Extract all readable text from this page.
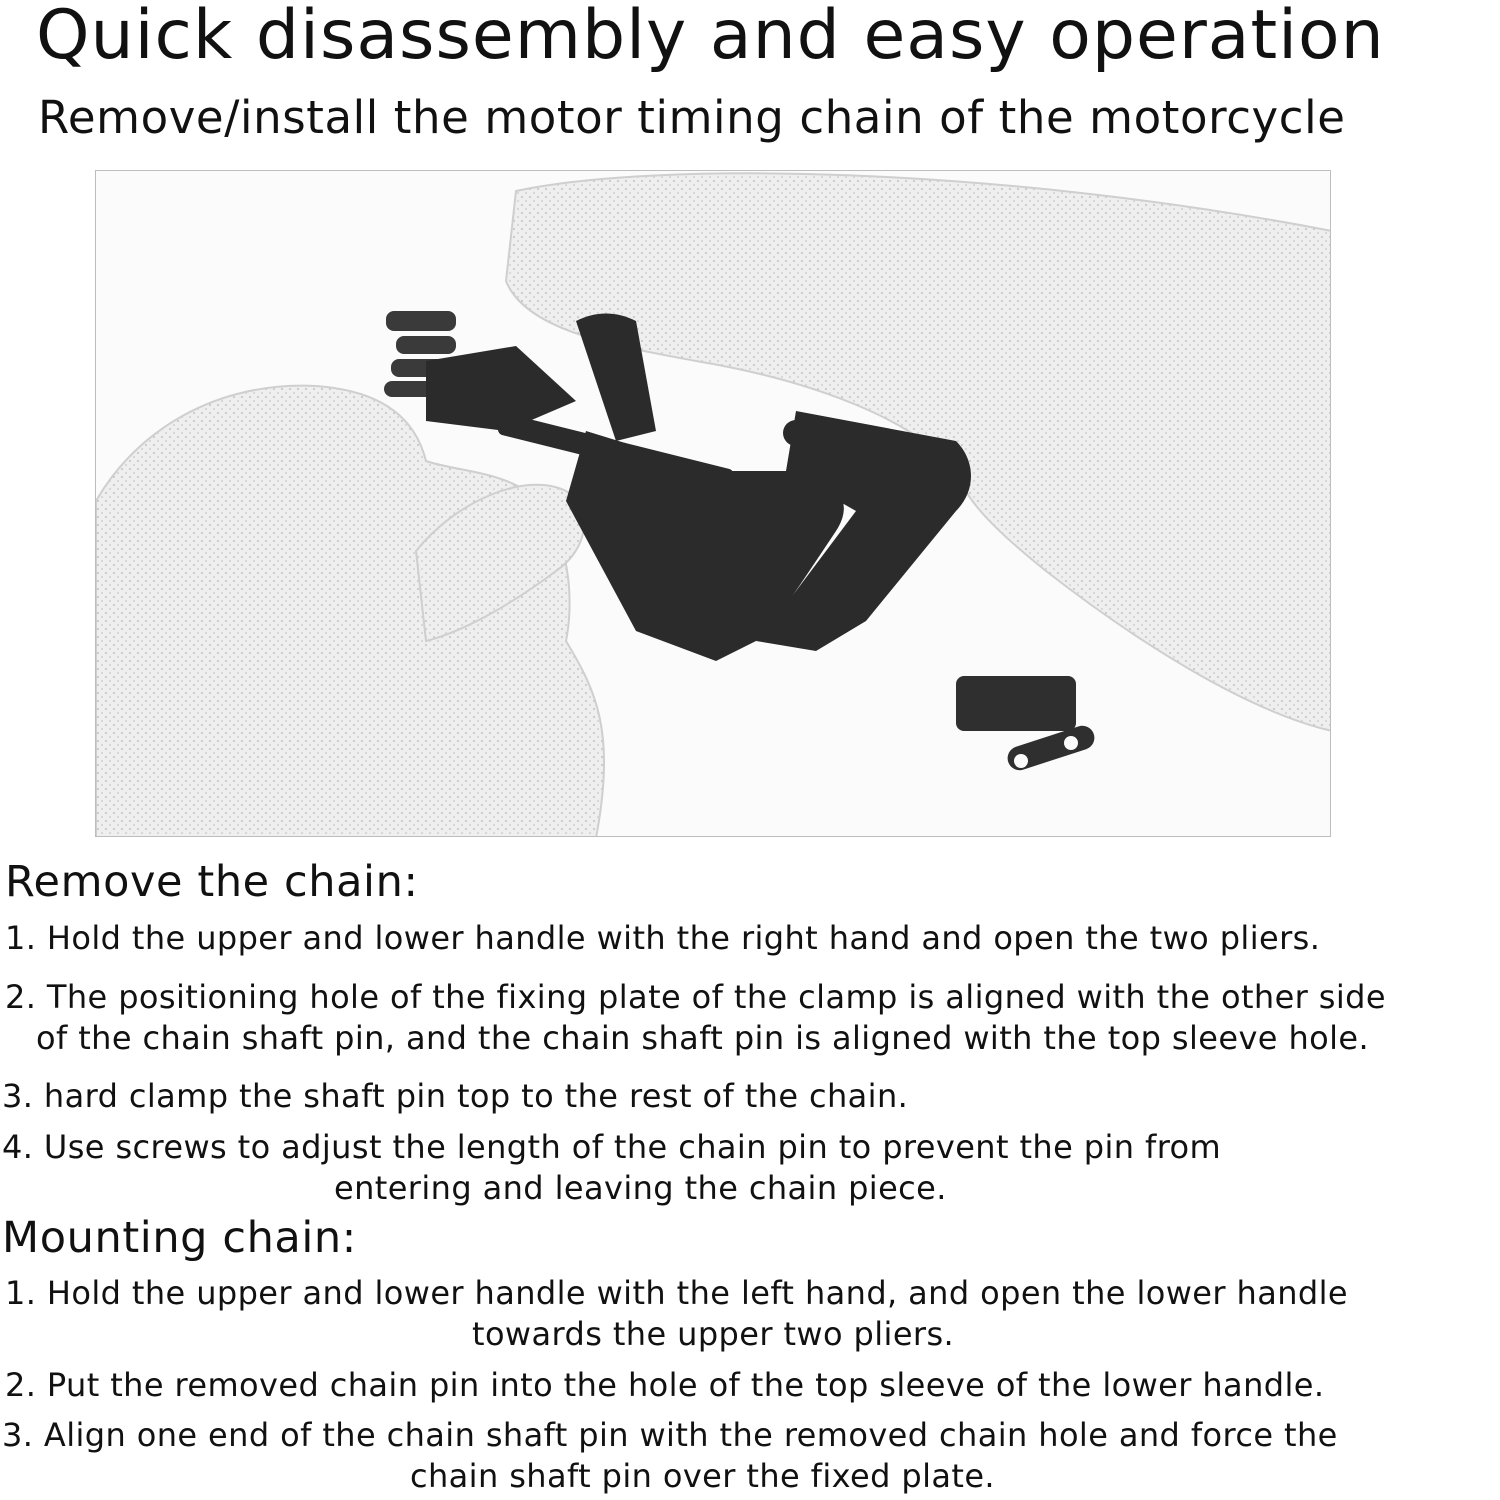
Quick disassembly and easy operation
Remove/install the motor timing chain of the motorcycle
Remove the chain:
1. Hold the upper and lower handle with the right hand and open the two pliers.
2. The positioning hole of the fixing plate of the clamp is aligned with the other side
of the chain shaft pin, and the chain shaft pin is aligned with the top sleeve hole.
3. hard clamp the shaft pin top to the rest of the chain.
4. Use screws to adjust the length of the chain pin to prevent the pin from
entering and leaving the chain piece.
Mounting chain:
1. Hold the upper and lower handle with the left hand, and open the lower handle
towards the upper two pliers.
2. Put the removed chain pin into the hole of the top sleeve of the lower handle.
3. Align one end of the chain shaft pin with the removed chain hole and force the
chain shaft pin over the fixed plate.
